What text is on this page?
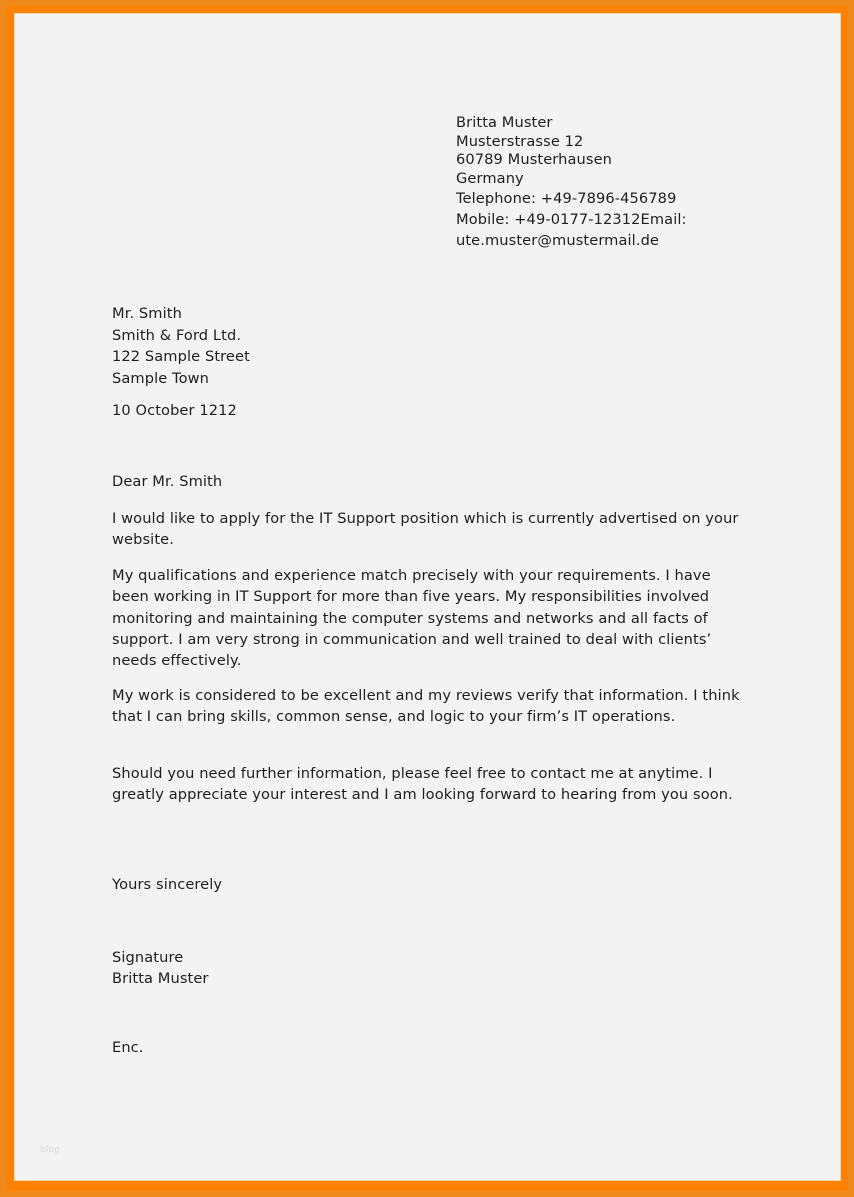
Britta Muster
Musterstrasse 12
60789 Musterhausen
Germany
Telephone: +49-7896-456789
Mobile: +49-0177-12312Email:
ute.muster@mustermail.de
Mr. Smith
Smith & Ford Ltd.
122 Sample Street
Sample Town
10 October 1212
Dear Mr. Smith
I would like to apply for the IT Support position which is currently advertised on your website.
My qualifications and experience match precisely with your requirements. I have been working in IT Support for more than five years. My responsibilities involved monitoring and maintaining the computer systems and networks and all facts of support. I am very strong in communication and well trained to deal with clients’ needs effectively.
My work is considered to be excellent and my reviews verify that information. I think that I can bring skills, common sense, and logic to your firm’s IT operations.
Should you need further information, please feel free to contact me at anytime. I greatly appreciate your interest and I am looking forward to hearing from you soon.
Yours sincerely
Signature
Britta Muster
Enc.
blog
